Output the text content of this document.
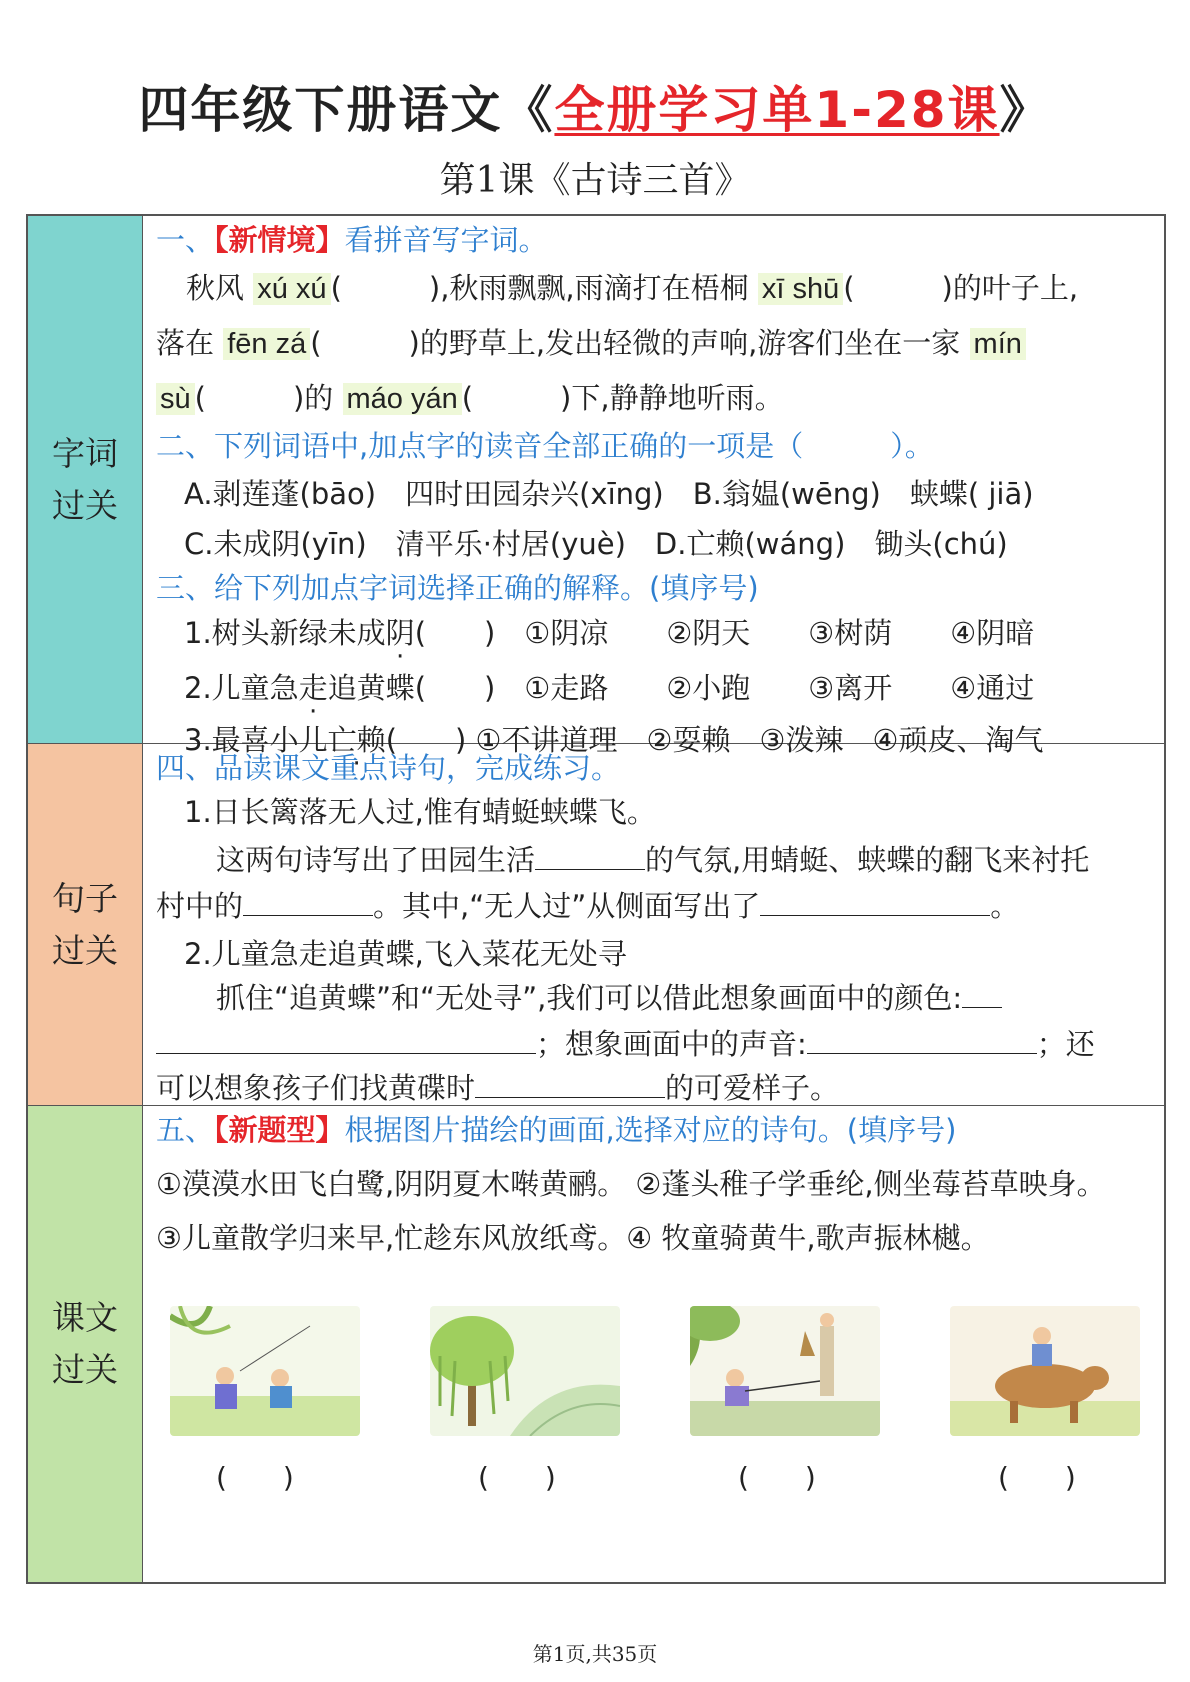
四年级下册语文《全册学习单1-28课》
第1课《古诗三首》
字词过关

一、【新情境】看拼音写字词。

秋风 xú xú (　　　),秋雨飘飘,雨滴打在梧桐 xī shū (　　　)的叶子上,

落在 fēn zá (　　　)的野草上,发出轻微的声响,游客们坐在一家 mín

sù (　　　)的 máo yán (　　　)下,静静地听雨。

二、下列词语中,加点字的读音全部正确的一项是（　　　）。

A.剥莲蓬(bāo)　四时田园杂兴(xīng)　B.翁媪(wēng)　蛱蝶( jiā)

C.未成阴(yīn)　清平乐·村居(yuè)　D.亡赖(wáng)　锄头(chú)

三、给下列加点字词选择正确的解释。(填序号)

1.树头新绿未成阴(　　)　①阴凉　　②阴天　　③树荫　　④阴暗

2.儿童急走追黄蝶(　　)　①走路　　②小跑　　③离开　　④通过

3.最喜小儿亡赖(　　) ①不讲道理　②耍赖　③泼辣　④顽皮、淘气

句子过关

四、品读课文重点诗句，完成练习。

1.日长篱落无人过,惟有蜻蜓蛱蝶飞。

这两句诗写出了田园生活	的气氛,用蜻蜓、蛱蝶的翻飞来衬托

村中的	。其中,“无人过”从侧面写出了	。

2.儿童急走追黄蝶,飞入菜花无处寻

抓住“追黄蝶”和“无处寻”,我们可以借此想象画面中的颜色:

；想象画面中的声音:	；还

可以想象孩子们找黄碟时	的可爱样子。

课文过关

五、【新题型】根据图片描绘的画面,选择对应的诗句。(填序号)

①漠漠水田飞白鹭,阴阴夏木啭黄鹂。 ②蓬头稚子学垂纶,侧坐莓苔草映身。

③儿童散学归来早,忙趁东风放纸鸢。④ 牧童骑黄牛,歌声振林樾。

(　　)	(　　)	(　　)	(　　)
第1页,共35页
